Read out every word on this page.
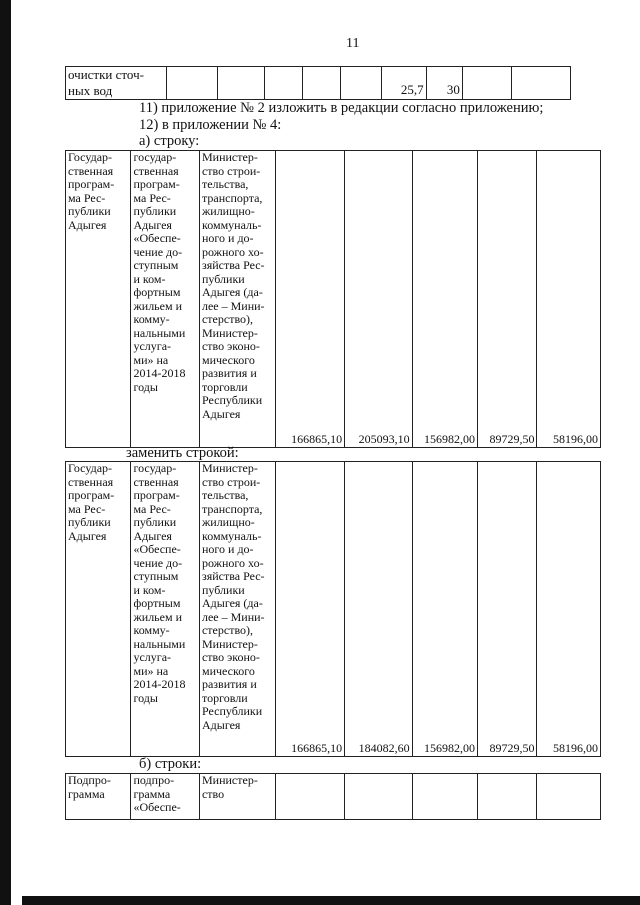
11
очистки сточ-
ных вод						25,7	30		
11) приложение № 2 изложить в редакции согласно приложению;
12) в приложении № 4:
а) строку:
Государ-
ственная
програм-
ма Рес-
публики
Адыгея	государ-
ственная
програм-
ма Рес-
публики
Адыгея
«Обеспе-
чение до-
ступным
и ком-
фортным
жильем и
комму-
нальными
услуга-
ми» на
2014-2018
годы	Министер-
ство строи-
тельства,
транспорта,
жилищно-
коммуналь-
ного и до-
рожного хо-
зяйства Рес-
публики
Адыгея (да-
лее – Мини-
стерство),
Министер-
ство эконо-
мического
развития и
торговли
Республики
Адыгея	166865,10	205093,10	156982,00	89729,50	58196,00
заменить строкой:
Государ-
ственная
програм-
ма Рес-
публики
Адыгея	государ-
ственная
програм-
ма Рес-
публики
Адыгея
«Обеспе-
чение до-
ступным
и ком-
фортным
жильем и
комму-
нальными
услуга-
ми» на
2014-2018
годы	Министер-
ство строи-
тельства,
транспорта,
жилищно-
коммуналь-
ного и до-
рожного хо-
зяйства Рес-
публики
Адыгея (да-
лее – Мини-
стерство),
Министер-
ство эконо-
мического
развития и
торговли
Республики
Адыгея	166865,10	184082,60	156982,00	89729,50	58196,00
б) строки:
Подпро-
грамма	подпро-
грамма
«Обеспе-	Министер-
ство					
